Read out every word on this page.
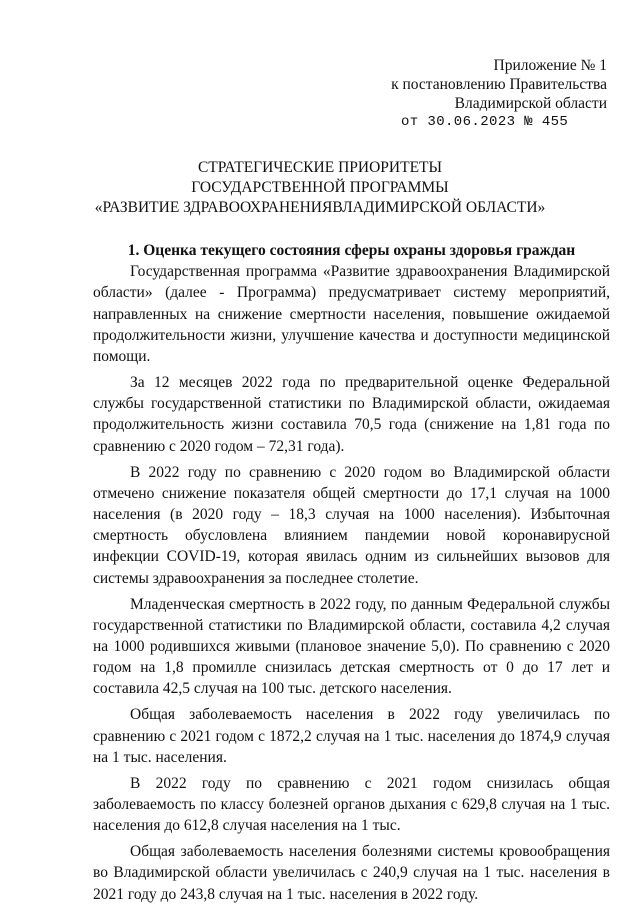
Приложение № 1
к постановлению Правительства
Владимирской области
от 30.06.2023 № 455
СТРАТЕГИЧЕСКИЕ ПРИОРИТЕТЫ
ГОСУДАРСТВЕННОЙ ПРОГРАММЫ
«РАЗВИТИЕ ЗДРАВООХРАНЕНИЯВЛАДИМИРСКОЙ ОБЛАСТИ»
1. Оценка текущего состояния сферы охраны здоровья граждан

Государственная программа «Развитие здравоохранения Владимирской области» (далее - Программа) предусматривает систему мероприятий, направленных на снижение смертности населения, повышение ожидаемой продолжительности жизни, улучшение качества и доступности медицинской помощи.

За 12 месяцев 2022 года по предварительной оценке Федеральной службы государственной статистики по Владимирской области, ожидаемая продолжительность жизни составила 70,5 года (снижение на 1,81 года по сравнению с 2020 годом – 72,31 года).

В 2022 году по сравнению с 2020 годом во Владимирской области отмечено снижение показателя общей смертности до 17,1 случая на 1000 населения (в 2020 году – 18,3 случая на 1000 населения). Избыточная смертность обусловлена влиянием пандемии новой коронавирусной инфекции COVID-19, которая явилась одним из сильнейших вызовов для системы здравоохранения за последнее столетие.

Младенческая смертность в 2022 году, по данным Федеральной службы государственной статистики по Владимирской области, составила 4,2 случая на 1000 родившихся живыми (плановое значение 5,0). По сравнению с 2020 годом на 1,8 промилле снизилась детская смертность от 0 до 17 лет и составила 42,5 случая на 100 тыс. детского населения.

Общая заболеваемость населения в 2022 году увеличилась по сравнению с 2021 годом с 1872,2 случая на 1 тыс. населения до 1874,9 случая на 1 тыс. населения.

В 2022 году по сравнению с 2021 годом снизилась общая заболеваемость по классу болезней органов дыхания с 629,8 случая на 1 тыс. населения до 612,8 случая населения на 1 тыс.

Общая заболеваемость населения болезнями системы кровообращения во Владимирской области увеличилась с 240,9 случая на 1 тыс. населения в 2021 году до 243,8 случая на 1 тыс. населения в 2022 году.
